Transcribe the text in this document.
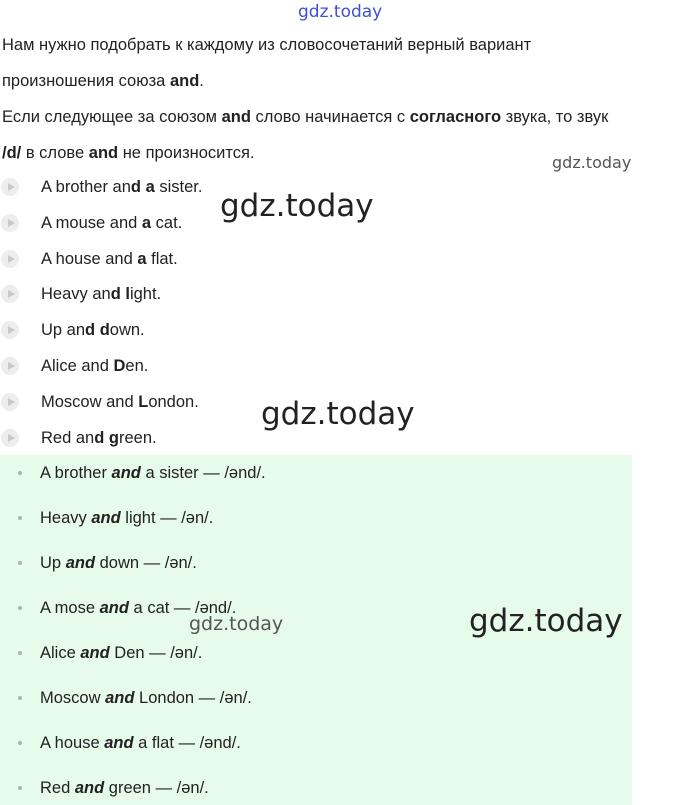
Нам нужно подобрать к каждому из словосочетаний верный вариант
произношения союза and.
Если следующее за союзом and слово начинается с согласного звука, то звук
/d/ в слове and не произносится.
A brother and a sister.
A mouse and a cat.
A house and a flat.
Heavy and light.
Up and down.
Alice and Den.
Moscow and London.
Red and green.
A brother and a sister — /ənd/.
Heavy and light — /ən/.
Up and down — /ən/.
A mose and a cat — /ənd/.
Alice and Den — /ən/.
Moscow and London — /ən/.
A house and a flat — /ənd/.
Red and green — /ən/.
gdz.today
gdz.today
gdz.today
gdz.today
gdz.today	gdz.today
